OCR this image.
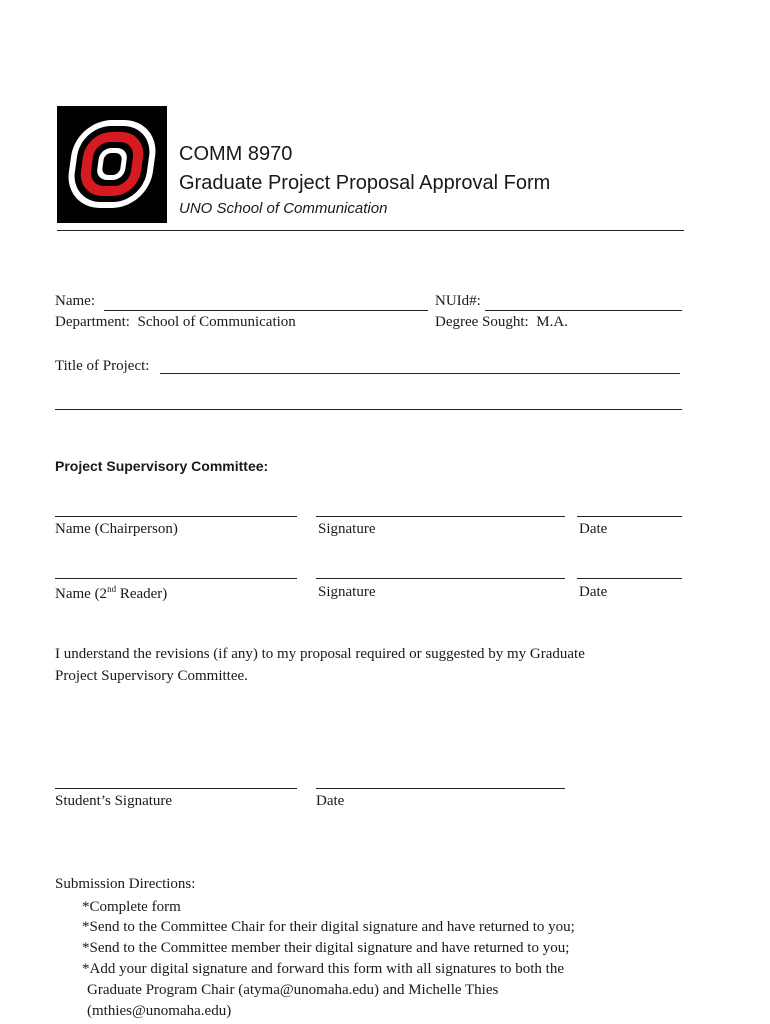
COMM 8970
Graduate Project Proposal Approval Form
UNO School of Communication
Name:	NUId#:
Department: School of Communication	Degree Sought: M.A.
Title of Project:
Project Supervisory Committee:
Name (Chairperson)	Signature	Date
Name (2nd Reader)	Signature	Date
I understand the revisions (if any) to my proposal required or suggested by my Graduate
Project Supervisory Committee.
Student’s Signature	Date
Submission Directions:
*Complete form
*Send to the Committee Chair for their digital signature and have returned to you;
*Send to the Committee member their digital signature and have returned to you;
*Add your digital signature and forward this form with all signatures to both the
Graduate Program Chair (atyma@unomaha.edu) and Michelle Thies
(mthies@unomaha.edu)
